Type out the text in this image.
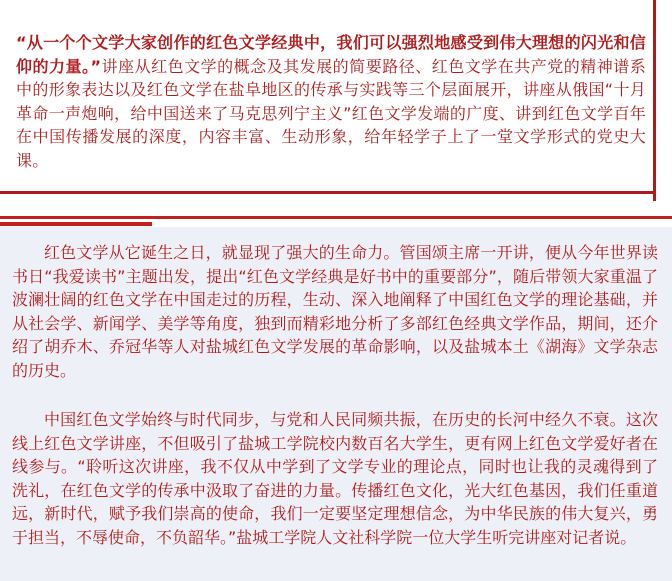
“从一个个文学大家创作的红色文学经典中，我们可以强烈地感受到伟大理想的闪光和信仰的力量。”讲座从红色文学的概念及其发展的简要路径、红色文学在共产党的精神谱系中的形象表达以及红色文学在盐阜地区的传承与实践等三个层面展开，讲座从俄国“十月革命一声炮响，给中国送来了马克思列宁主义”红色文学发端的广度、讲到红色文学百年在中国传播发展的深度，内容丰富、生动形象，给年轻学子上了一堂文学形式的党史大课。

红色文学从它诞生之日，就显现了强大的生命力。管国颂主席一开讲，便从今年世界读书日“我爱读书”主题出发，提出“红色文学经典是好书中的重要部分”，随后带领大家重温了波澜壮阔的红色文学在中国走过的历程，生动、深入地阐释了中国红色文学的理论基础，并从社会学、新闻学、美学等角度，独到而精彩地分析了多部红色经典文学作品，期间，还介绍了胡乔木、乔冠华等人对盐城红色文学发展的革命影响，以及盐城本土《湖海》文学杂志的历史。

中国红色文学始终与时代同步，与党和人民同频共振，在历史的长河中经久不衰。这次线上红色文学讲座，不但吸引了盐城工学院校内数百名大学生，更有网上红色文学爱好者在线参与。“聆听这次讲座，我不仅从中学到了文学专业的理论点，同时也让我的灵魂得到了洗礼，在红色文学的传承中汲取了奋进的力量。传播红色文化，光大红色基因，我们任重道远，新时代，赋予我们崇高的使命，我们一定要坚定理想信念，为中华民族的伟大复兴，勇于担当，不辱使命，不负韶华。”盐城工学院人文社科学院一位大学生听完讲座对记者说。
